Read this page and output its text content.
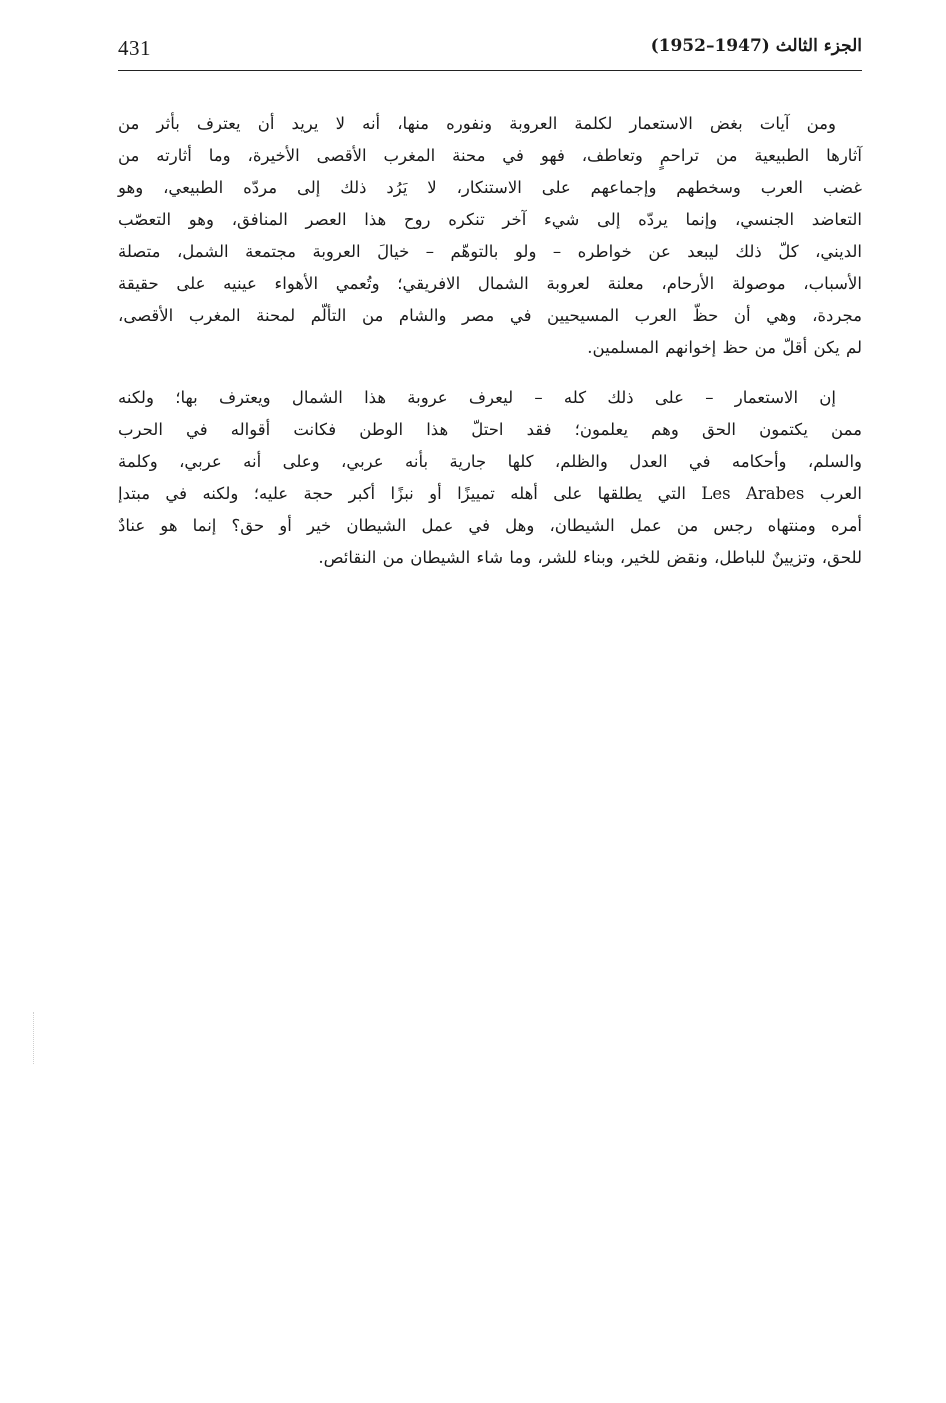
431	الجزء الثالث (1947–1952)
ومن آيات بغض الاستعمار لكلمة العروبة ونفوره منها، أنه لا يريد أن يعترف بأثر من
آثارها الطبيعية من تراحمٍ وتعاطف، فهو في محنة المغرب الأقصى الأخيرة، وما أثارته من
غضب العرب وسخطهم وإجماعهم على الاستنكار، لا يَرُد ذلك إلى مردّه الطبيعي، وهو
التعاضد الجنسي، وإنما يردّه إلى شيء آخر تنكره روح هذا العصر المنافق، وهو التعصّب
الديني، كلّ ذلك ليبعد عن خواطره – ولو بالتوهّم – خيالَ العروبة مجتمعة الشمل، متصلة
الأسباب، موصولة الأرحام، معلنة لعروبة الشمال الافريقي؛ وتُعمي الأهواء عينيه على حقيقة
مجردة، وهي أن حظّ العرب المسيحيين في مصر والشام من التألّم لمحنة المغرب الأقصى،
لم يكن أقلّ من حظ إخوانهم المسلمين.
إن الاستعمار – على ذلك كله – ليعرف عروبة هذا الشمال ويعترف بها؛ ولكنه
ممن يكتمون الحق وهم يعلمون؛ فقد احتلّ هذا الوطن فكانت أقواله في الحرب
والسلم، وأحكامه في العدل والظلم، كلها جارية بأنه عربي، وعلى أنه عربي، وكلمة
العرب Les Arabes التي يطلقها على أهله تمييزًا أو نبزًا أكبر حجة عليه؛ ولكنه في مبتدإ
أمره ومنتهاه رجس من عمل الشيطان، وهل في عمل الشيطان خير أو حق؟ إنما هو عنادٌ
للحق، وتزيينٌ للباطل، ونقض للخير، وبناء للشر، وما شاء الشيطان من النقائص.
